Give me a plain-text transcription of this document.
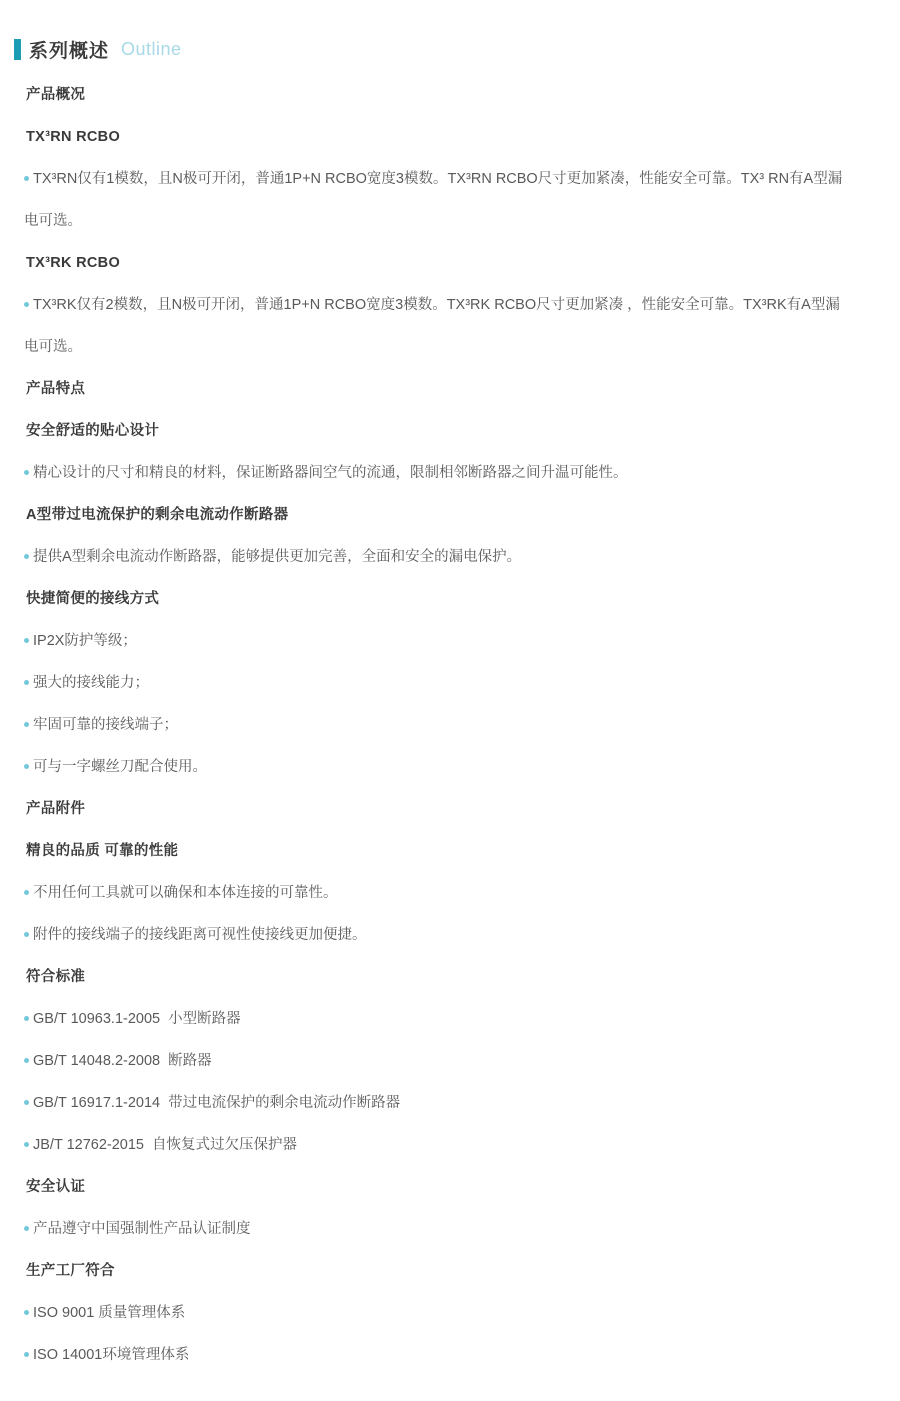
系列概述 Outline
产品概况
TX³RN RCBO
TX³RN仅有1模数，且N极可开闭，普通1P+N RCBO宽度3模数。TX³RN RCBO尺寸更加紧凑，性能安全可靠。TX³ RN有A型漏电可选。
TX³RK RCBO
TX³RK仅有2模数，且N极可开闭，普通1P+N RCBO宽度3模数。TX³RK RCBO尺寸更加紧凑 ，性能安全可靠。TX³RK有A型漏电可选。
产品特点
安全舒适的贴心设计
精心设计的尺寸和精良的材料，保证断路器间空气的流通，限制相邻断路器之间升温可能性。
A型带过电流保护的剩余电流动作断路器
提供A型剩余电流动作断路器，能够提供更加完善，全面和安全的漏电保护。
快捷简便的接线方式
IP2X防护等级；
强大的接线能力；
牢固可靠的接线端子；
可与一字螺丝刀配合使用。
产品附件
精良的品质 可靠的性能
不用任何工具就可以确保和本体连接的可靠性。
附件的接线端子的接线距离可视性使接线更加便捷。
符合标准
GB/T 10963.1-2005  小型断路器
GB/T 14048.2-2008  断路器
GB/T 16917.1-2014  带过电流保护的剩余电流动作断路器
JB/T 12762-2015  自恢复式过欠压保护器
安全认证
产品遵守中国强制性产品认证制度
生产工厂符合
ISO 9001 质量管理体系
ISO 14001环境管理体系
